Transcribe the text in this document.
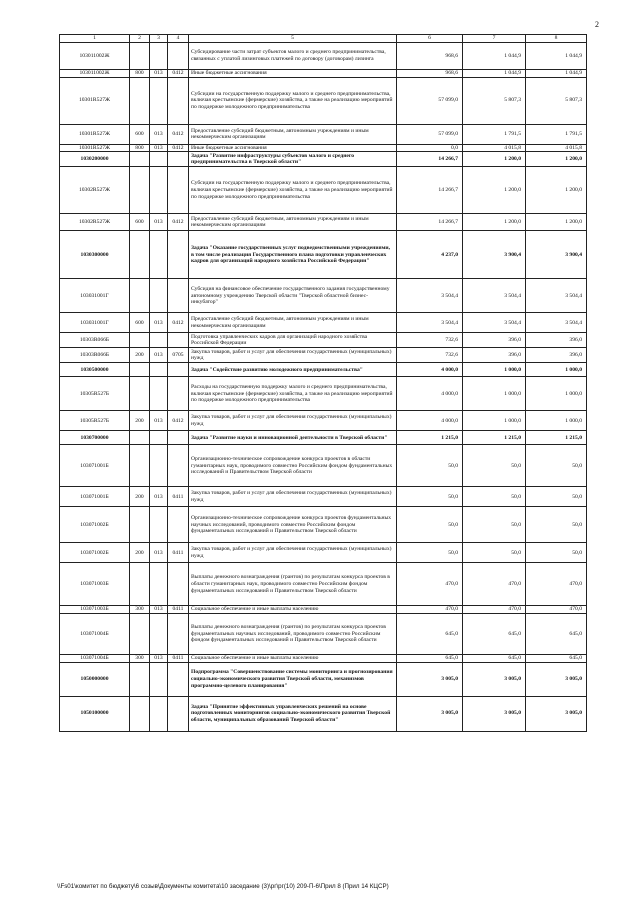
2
1	2	3	4	5	6	7	8
103011002Ж				Субсидирование части затрат субъектов малого и среднего предпринимательства, связанных с уплатой лизинговых платежей по договору (договорам) лизинга	968,6	1 044,9	1 044,9
103011002Ж	800	013	0412	Иные бюджетные ассигнования	968,6	1 044,9	1 044,9
10301R527Ж				Субсидии на государственную поддержку малого и среднего предпринимательства, включая крестьянские (фермерские) хозяйства, а также на реализацию мероприятий по поддержке молодежного предпринимательства	57 099,0	5 807,3	5 807,3
10301R527Ж	600	013	0412	Предоставление субсидий бюджетным, автономным учреждениям и иным некоммерческим организациям	57 099,0	1 791,5	1 791,5
10301R527Ж	800	013	0412	Иные бюджетные ассигнования	0,0	4 015,8	4 015,8
1030200000				Задача "Развитие инфраструктуры субъектов малого и среднего предпринимательства в Тверской области"	14 266,7	1 200,0	1 200,0
10302R527Ж				Субсидии на государственную поддержку малого и среднего предпринимательства, включая крестьянские (фермерские) хозяйства, а также на реализацию мероприятий по поддержке молодежного предпринимательства	14 266,7	1 200,0	1 200,0
10302R527Ж	600	013	0412	Предоставление субсидий бюджетным, автономным учреждениям и иным некоммерческим организациям	14 266,7	1 200,0	1 200,0
1030300000				Задача "Оказание государственных услуг подведомственными учреждениями, в том числе реализация Государственного плана подготовки управленческих кадров для организаций народного хозяйства Российской Федерации"	4 237,0	3 900,4	3 900,4
103031001Г				Субсидия на финансовое обеспечение государственного задания государственному автономному учреждению Тверской области "Тверской областной бизнес-инкубатор"	3 504,4	3 504,4	3 504,4
103031001Г	600	013	0412	Предоставление субсидий бюджетным, автономным учреждениям и иным некоммерческим организациям	3 504,4	3 504,4	3 504,4
10303R066Б				Подготовка управленческих кадров для организаций народного хозяйства Российской Федерации	732,6	396,0	396,0
10303R066Б	200	013	0705	Закупка товаров, работ и услуг для обеспечения государственных (муниципальных) нужд	732,6	396,0	396,0
1030500000				Задача "Содействие развитию молодежного предпринимательства"	4 000,0	1 000,0	1 000,0
10305R527Б				Расходы на государственную поддержку малого и среднего предпринимательства, включая крестьянские (фермерские) хозяйства, а также на реализацию мероприятий по поддержке молодежного предпринимательства	4 000,0	1 000,0	1 000,0
10305R527Б	200	013	0412	Закупка товаров, работ и услуг для обеспечения государственных (муниципальных) нужд	4 000,0	1 000,0	1 000,0
1030700000				Задача "Развитие науки и инновационной деятельности в Тверской области"	1 215,0	1 215,0	1 215,0
103071001Б				Организационно-техническое сопровождение конкурса проектов в области гуманитарных наук, проводимого совместно Российским фондом фундаментальных исследований и Правительством Тверской области	50,0	50,0	50,0
103071001Б	200	013	0411	Закупка товаров, работ и услуг для обеспечения государственных (муниципальных) нужд	50,0	50,0	50,0
103071002Б				Организационно-техническое сопровождение конкурса проектов фундаментальных научных исследований, проводимого совместно Российским фондом фундаментальных исследований и Правительством Тверской области	50,0	50,0	50,0
103071002Б	200	013	0411	Закупка товаров, работ и услуг для обеспечения государственных (муниципальных) нужд	50,0	50,0	50,0
103071003Б				Выплаты денежного вознаграждения (грантов) по результатам конкурса проектов в области гуманитарных наук, проводимого совместно Российским фондом фундаментальных исследований и Правительством Тверской области	470,0	470,0	470,0
103071003Б	300	013	0411	Социальное обеспечение и иные выплаты населению	470,0	470,0	470,0
103071004Б				Выплаты денежного вознаграждения (грантов) по результатам конкурса проектов фундаментальных научных исследований, проводимого совместно Российским фондом фундаментальных исследований и Правительством Тверской области	645,0	645,0	645,0
103071004Б	300	013	0411	Социальное обеспечение и иные выплаты населению	645,0	645,0	645,0
1050000000				Подпрограмма "Совершенствование системы мониторинга и прогнозирования социально-экономического развития Тверской области, механизмов программно-целевого планирования"	3 005,0	3 005,0	3 005,0
1050100000				Задача "Принятие эффективных управленческих решений на основе подготовленных мониторингов социально-экономического развития Тверской области, муниципальных образований Тверской области"	3 005,0	3 005,0	3 005,0
\\Fs01\комитет по бюджету\6 созыв\Документы комитета\10 заседание (3)\рг\рг(10) 209-П-6\Прил 8 (Прил 14 КЦСР)
